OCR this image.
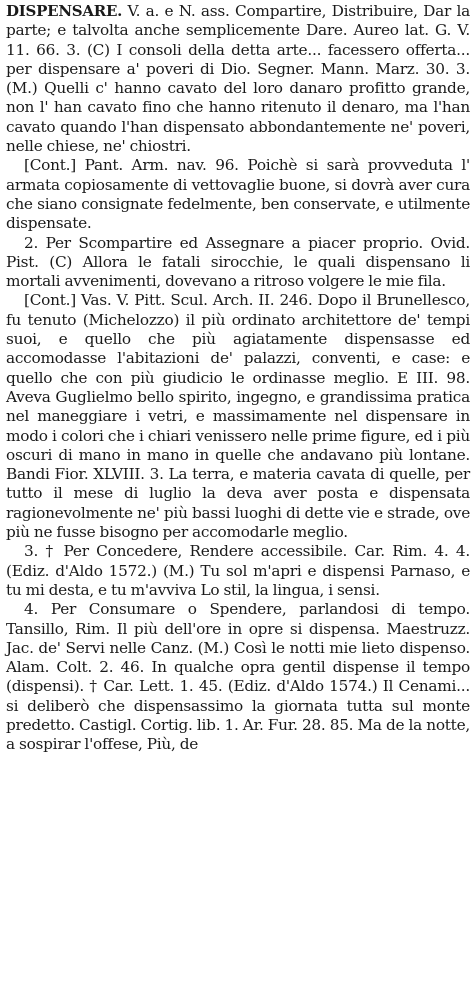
DISPENSARE. V. a. e N. ass. Compartire, Distribuire, Dar la parte; e talvolta anche semplicemente Dare. Aureo lat. G. V. 11. 66. 3. (C) I consoli della detta arte... facessero offerta... per dispensare a' poveri di Dio. Segner. Mann. Marz. 30. 3. (M.) Quelli c' hanno cavato del loro danaro profitto grande, non l' han cavato fino che hanno ritenuto il denaro, ma l'han cavato quando l'han dispensato abbondantemente ne' poveri, nelle chiese, ne' chiostri.

[Cont.] Pant. Arm. nav. 96. Poichè si sarà provveduta l' armata copiosamente di vettovaglie buone, si dovrà aver cura che siano consignate fedelmente, ben conservate, e utilmente dispensate.

2. Per Scompartire ed Assegnare a piacer proprio. Ovid. Pist. (C) Allora le fatali sirocchie, le quali dispensano li mortali avvenimenti, dovevano a ritroso volgere le mie fila.

[Cont.] Vas. V. Pitt. Scul. Arch. II. 246. Dopo il Brunellesco, fu tenuto (Michelozzo) il più ordinato architettore de' tempi suoi, e quello che più agiatamente dispensasse ed accomodasse l'abitazioni de' palazzi, conventi, e case: e quello che con più giudicio le ordinasse meglio. E III. 98. Aveva Guglielmo bello spirito, ingegno, e grandissima pratica nel maneggiare i vetri, e massimamente nel dispensare in modo i colori che i chiari venissero nelle prime figure, ed i più oscuri di mano in mano in quelle che andavano più lontane. Bandi Fior. XLVIII. 3. La terra, e materia cavata di quelle, per tutto il mese di luglio la deva aver posta e dispensata ragionevolmente ne' più bassi luoghi di dette vie e strade, ove più ne fusse bisogno per accomodarle meglio.

3. † Per Concedere, Rendere accessibile. Car. Rim. 4. 4. (Ediz. d'Aldo 1572.) (M.) Tu sol m'apri e dispensi Parnaso, e tu mi desta, e tu m'avviva Lo stil, la lingua, i sensi.

4. Per Consumare o Spendere, parlandosi di tempo. Tansillo, Rim. Il più dell'ore in opre si dispensa. Maestruzz. Jac. de' Servi nelle Canz. (M.) Così le notti mie lieto dispenso. Alam. Colt. 2. 46. In qualche opra gentil dispense il tempo (dispensi). † Car. Lett. 1. 45. (Ediz. d'Aldo 1574.) Il Cenami... si deliberò che dispensassimo la giornata tutta sul monte predetto. Castigl. Cortig. lib. 1. Ar. Fur. 28. 85. Ma de la notte, a sospirar l'offese, Più, de
